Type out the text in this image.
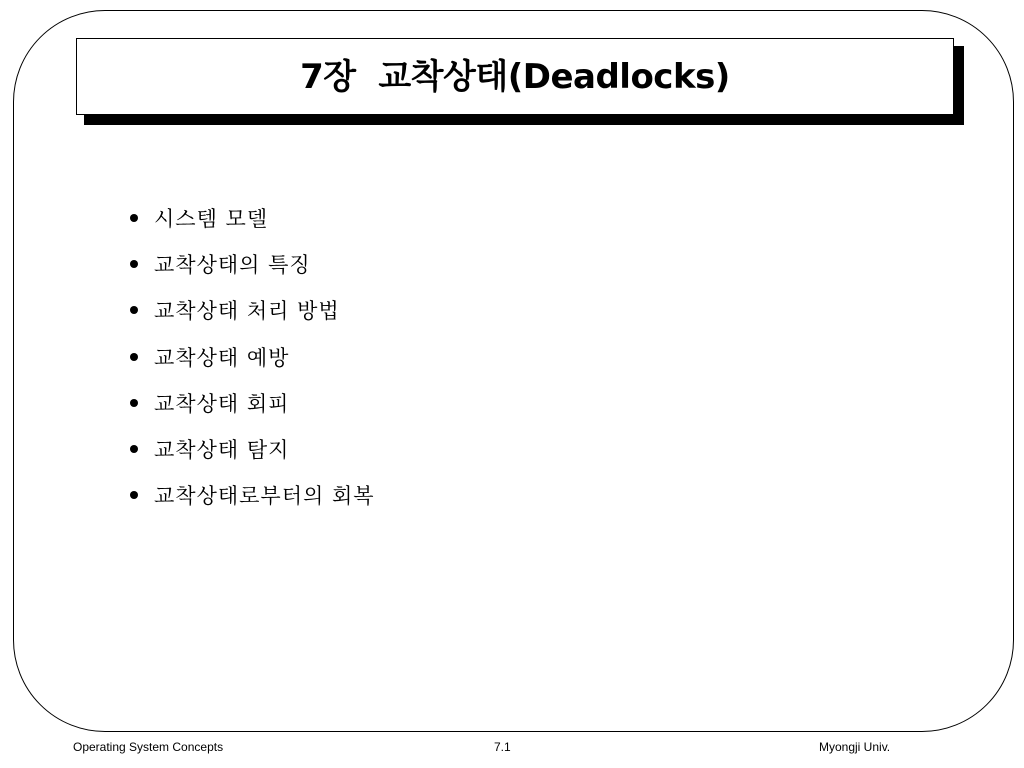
7장  교착상태(Deadlocks)
시스템 모델
교착상태의 특징
교착상태 처리 방법
교착상태 예방
교착상태 회피
교착상태 탐지
교착상태로부터의 회복
Operating System Concepts	7.1	Myongji Univ.
